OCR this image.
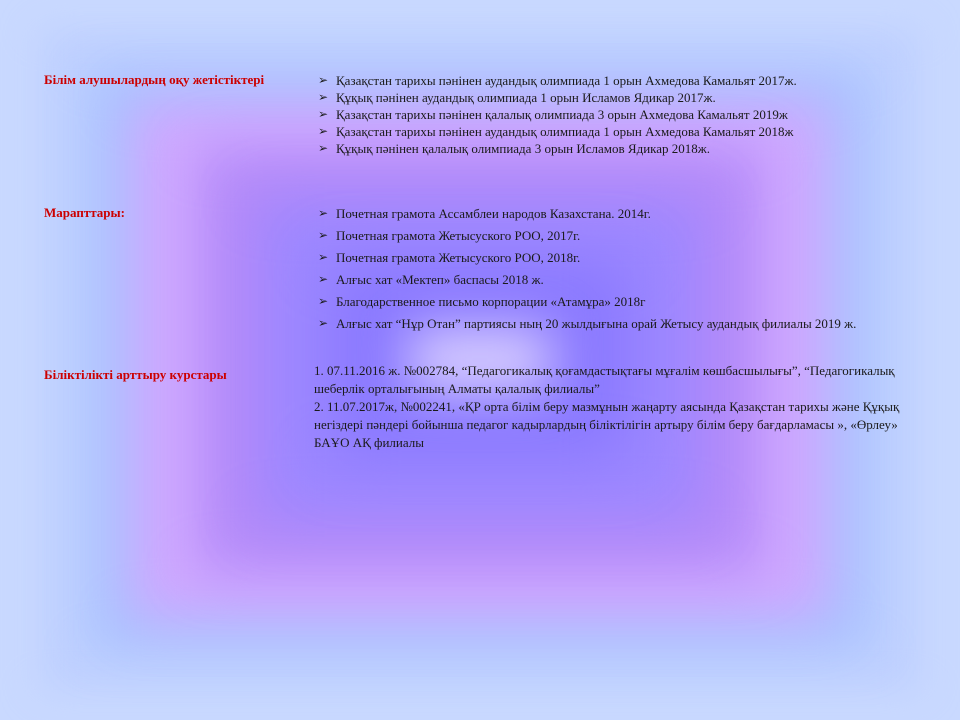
Білім алушылардың оқу жетістіктері	➢ Қазақстан тарихы пәнінен аудандық олимпиада 1 орын Ахмедова Камальят 2017ж.
➢ Құқық пәнінен аудандық олимпиада 1 орын Исламов Ядикар 2017ж.
➢ Қазақстан тарихы пәнінен қалалық олимпиада 3 орын Ахмедова Камальят 2019ж
➢ Қазақстан тарихы пәнінен аудандық олимпиада 1 орын Ахмедова Камальят 2018ж
➢ Құқық пәнінен қалалық олимпиада 3 орын Исламов Ядикар 2018ж.
Марапттары:	➢ Почетная грамота Ассамблеи народов Казахстана. 2014г.
➢ Почетная грамота Жетысуского РОО, 2017г.
➢ Почетная грамота Жетысуского РОО, 2018г.
➢ Алғыс хат «Мектеп» баспасы 2018 ж.
➢ Благодарственное письмо корпорации «Атамұра» 2018г
➢ Алғыс хат “Нұр Отан” партиясы ның 20 жылдығына орай Жетысу аудандық филиалы 2019 ж.
Біліктілікті арттыру курстары	1. 07.11.2016 ж. №002784, “Педагогикалық қоғамдастықтағы мұғалім көшбасшылығы”, “Педагогикалық шеберлік орталығының Алматы қалалық филиалы”

2. 11.07.2017ж, №002241, «ҚР орта білім беру мазмұнын жаңарту аясында Қазақстан тарихы және Құқық негіздері пәндері бойынша педагог кадырлардың біліктілігін артыру білім беру бағдарламасы », «Өрлеу» БАҰО АҚ филиалы
